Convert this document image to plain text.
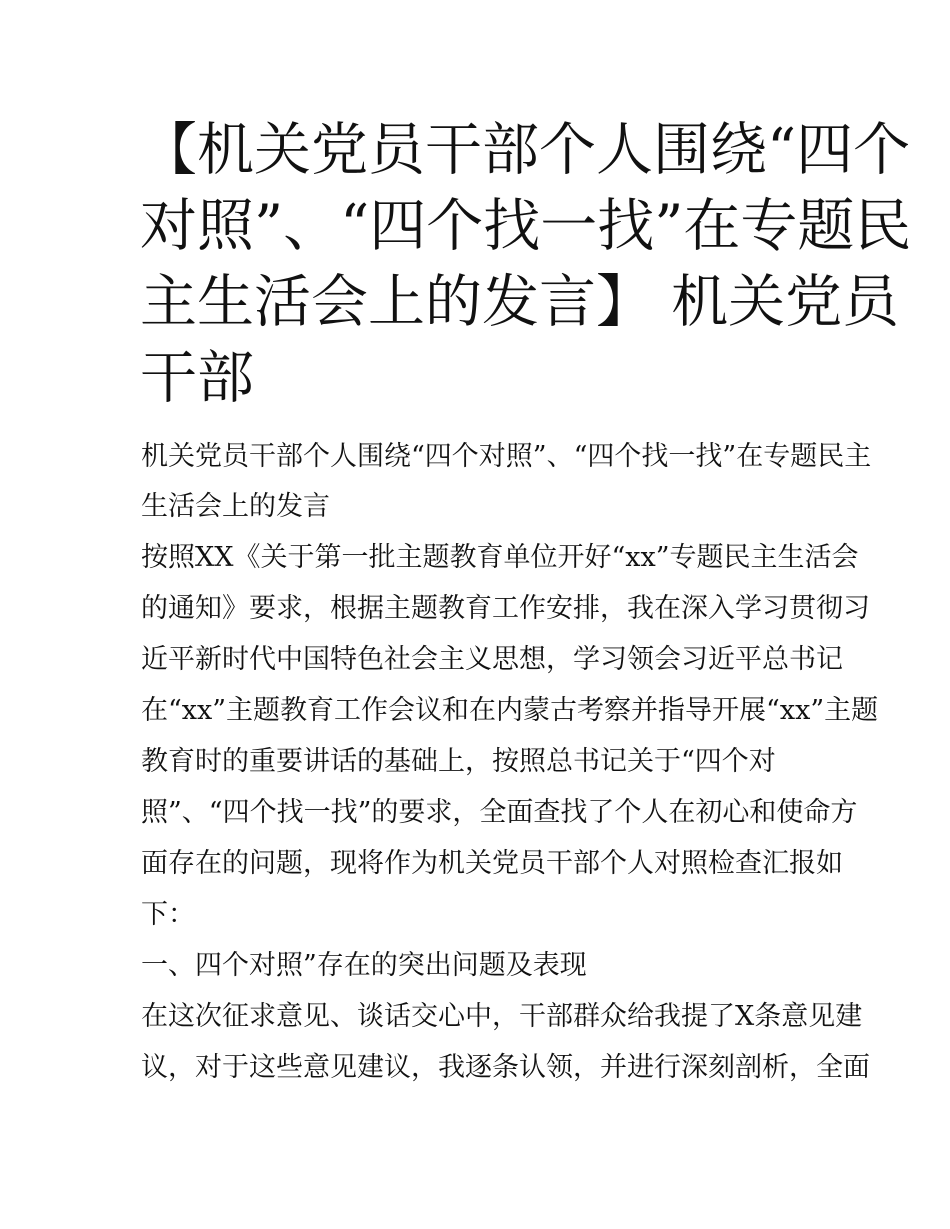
【机关党员干部个人围绕“四个
对照”、“四个找一找”在专题民
主生活会上的发言】 机关党员
干部
机关党员干部个人围绕“四个对照”、“四个找一找”在专题民主
生活会上的发言
按照XX《关于第一批主题教育单位开好“xx”专题民主生活会
的通知》要求，根据主题教育工作安排，我在深入学习贯彻习
近平新时代中国特色社会主义思想，学习领会习近平总书记
在“xx”主题教育工作会议和在内蒙古考察并指导开展“xx”主题
教育时的重要讲话的基础上，按照总书记关于“四个对
照”、“四个找一找”的要求，全面查找了个人在初心和使命方
面存在的问题，现将作为机关党员干部个人对照检查汇报如
下：
一、四个对照”存在的突出问题及表现
在这次征求意见、谈话交心中，干部群众给我提了X条意见建
议，对于这些意见建议，我逐条认领，并进行深刻剖析，全面
